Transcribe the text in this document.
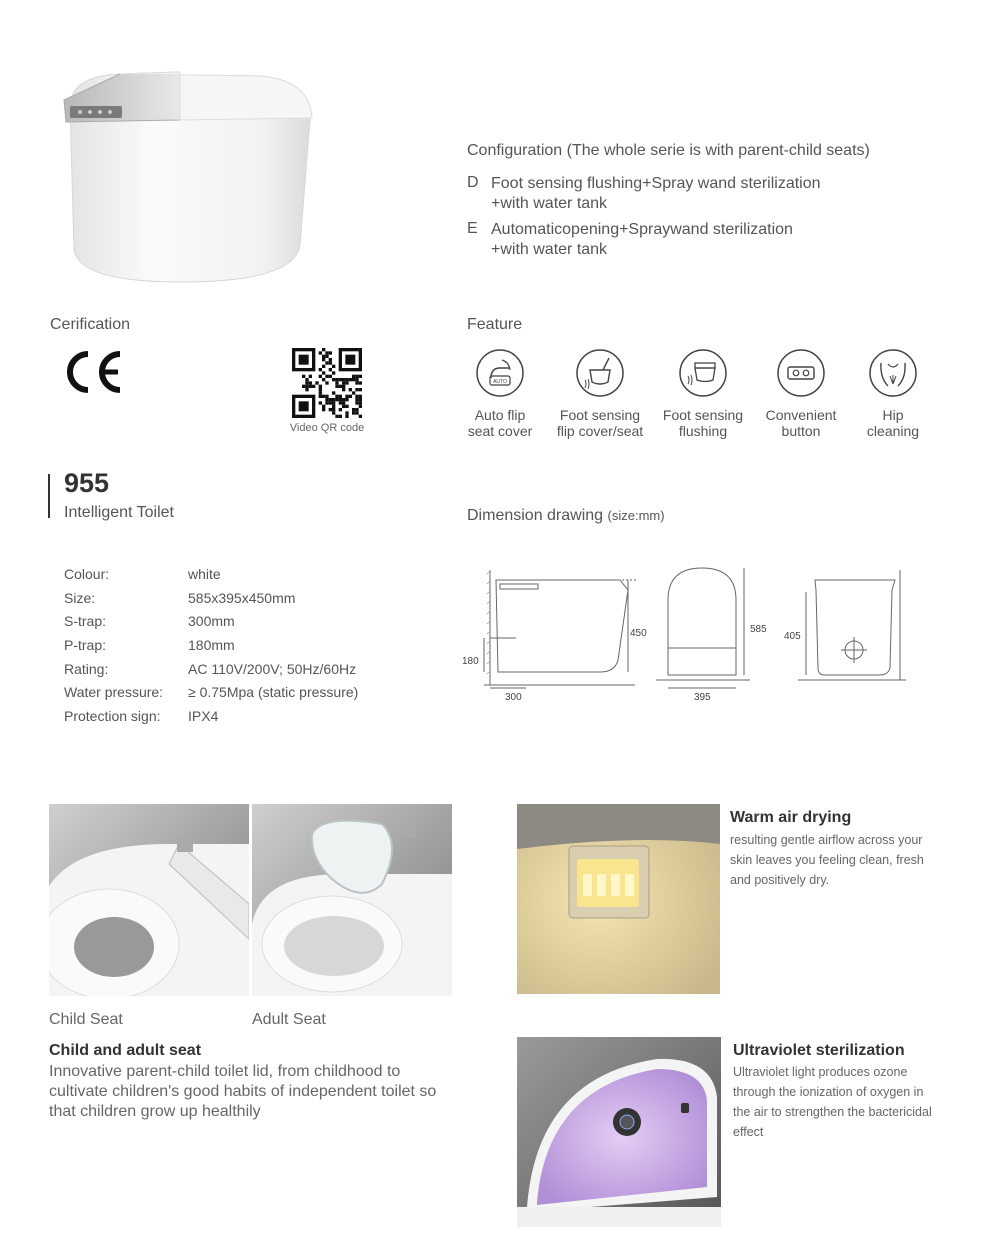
Configuration (The whole serie is with parent-child seats)
D Foot sensing flushing+Spray wand sterilization
+with water tank
E Automaticopening+Spraywand sterilization
+with water tank
Cerification
Video QR code
Feature
AUTO
Auto flip
seat cover
Foot sensing
flip cover/seat
Foot sensing
flushing
Convenient
button
Hip
cleaning
955
Intelligent Toilet	Dimension drawing (size:mm)
450
180
300
585
395
405
Colour:	white
Size:	585x395x450mm
S-trap:	300mm
P-trap:	180mm
Rating:	AC 110V/200V; 50Hz/60Hz
Water pressure:	≥ 0.75Mpa (static pressure)
Protection sign:	IPX4
Child Seat	Adult Seat
Child and adult seat
Innovative parent-child toilet lid, from childhood to
cultivate children's good habits of independent toilet so
that children grow up healthily
Warm air drying
resulting gentle airflow across your
skin leaves you feeling clean, fresh
and positively dry.
Ultraviolet sterilization
Ultraviolet light produces ozone
through the ionization of oxygen in
the air to strengthen the bactericidal
effect
